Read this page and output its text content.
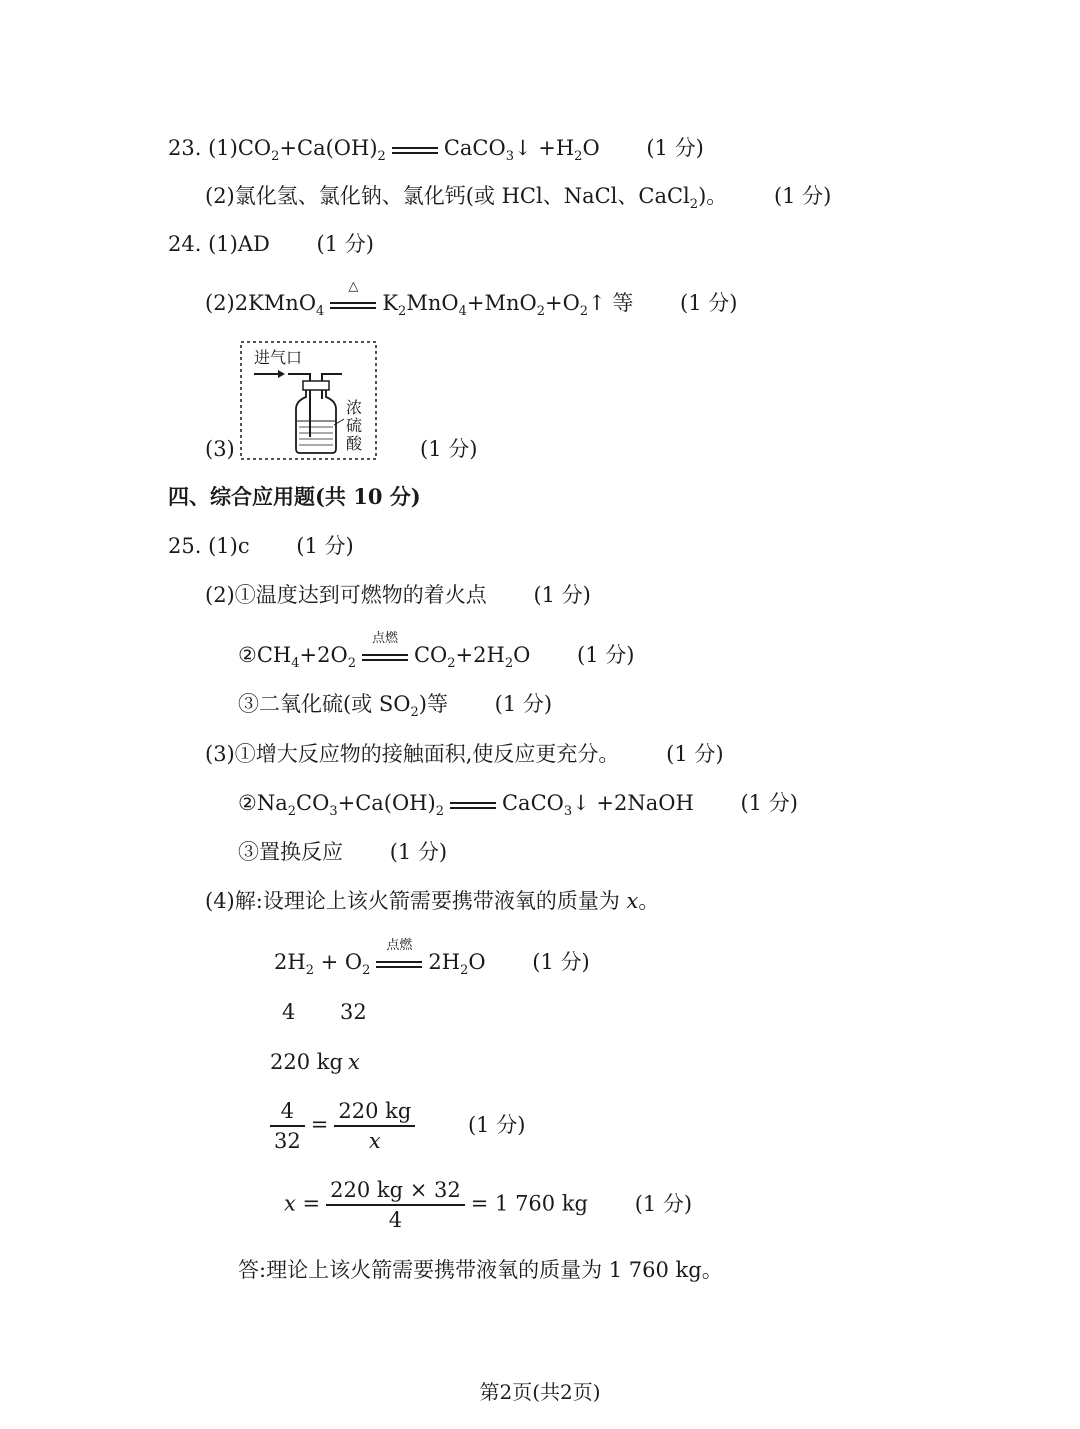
23. $(1)CO_2+Ca(OH)_2$	CaCO$_3$↓ $+H_2O$ (1 分)
(2)氯化氢、氯化钠、氯化钙(或 HCl、NaCl、CaCl$_2$)。 (1 分)
24. (1)AD (1 分)
(2)2KMnO$_4$
△
$K_2MnO_4+MnO_2+O_2↑$ 等 (1 分)
(3)
进气口
浓
硫
酸	(1 分)
四、综合应用题(共 10 分)
25. (1)c (1 分)
(2)①温度达到可燃物的着火点 (1 分)
$②CH_4+2O_2$
点燃
$CO_2+2H_2O$ (1 分)
③二氧化硫(或 $SO_2$)等 (1 分)
(3)①增大反应物的接触面积,使反应更充分。 (1 分)
$②Na_2CO_3+Ca(OH)_2$	CaCO$_3$↓ +2NaOH (1 分)
③置换反应 (1 分)
(4)解:设理论上该火箭需要携带液氧的质量为 x。
$2H_2 + O_2$
点燃
$2H_2O$ (1 分)
4 32
220 kg x
$\frac{4}{32} = \frac{220 kg}{x}$	(1 分)
$x = \frac{220 kg \times 32}{4} = 1$ 760 kg (1 分)
答:理论上该火箭需要携带液氧的质量为 1 760 kg。
第2页(共2页)
